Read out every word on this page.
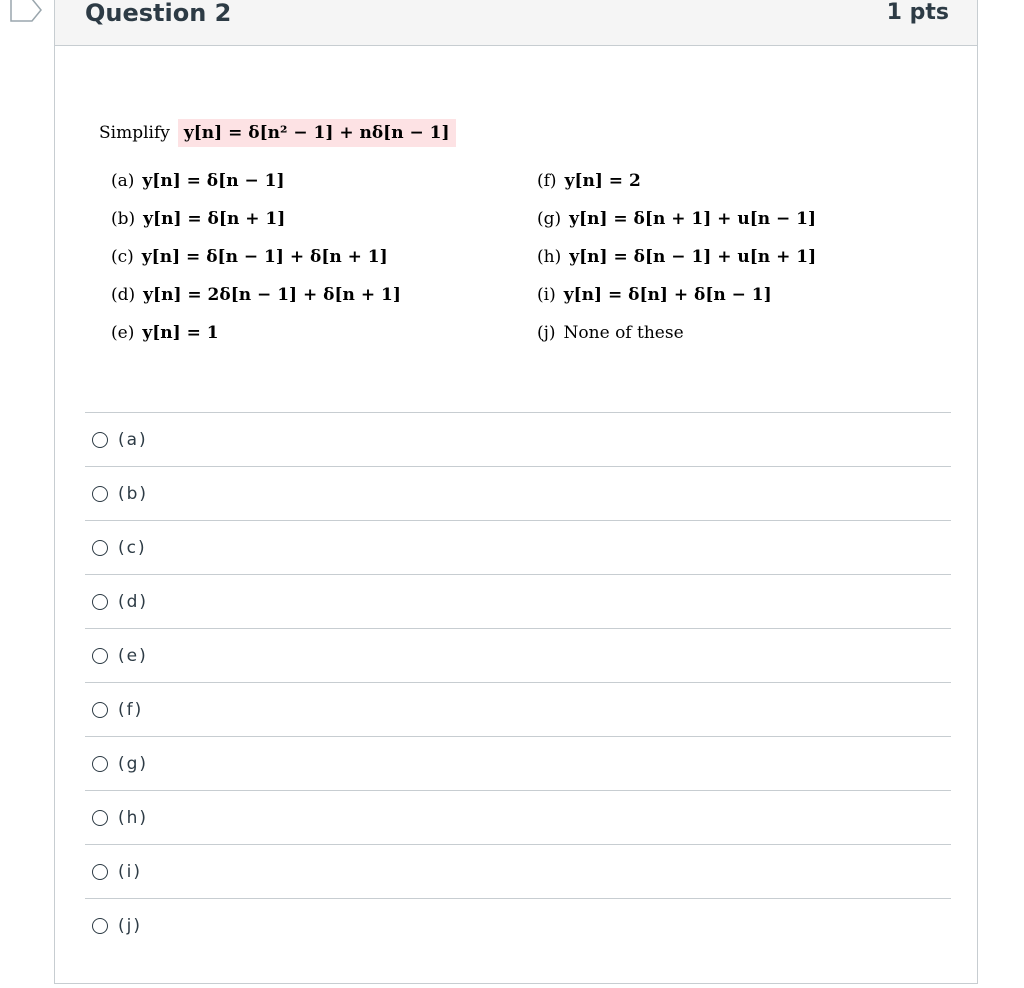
Question 2	1 pts
Simplify y[n] = δ[n² − 1] + nδ[n − 1]
(a) y[n] = δ[n − 1]	(f) y[n] = 2
(b) y[n] = δ[n + 1]	(g) y[n] = δ[n + 1] + u[n − 1]
(c) y[n] = δ[n − 1] + δ[n + 1]	(h) y[n] = δ[n − 1] + u[n + 1]
(d) y[n] = 2δ[n − 1] + δ[n + 1]	(i) y[n] = δ[n] + δ[n − 1]
(e) y[n] = 1	(j) None of these
(a)
(b)
(c)
(d)
(e)
(f)
(g)
(h)
(i)
(j)
